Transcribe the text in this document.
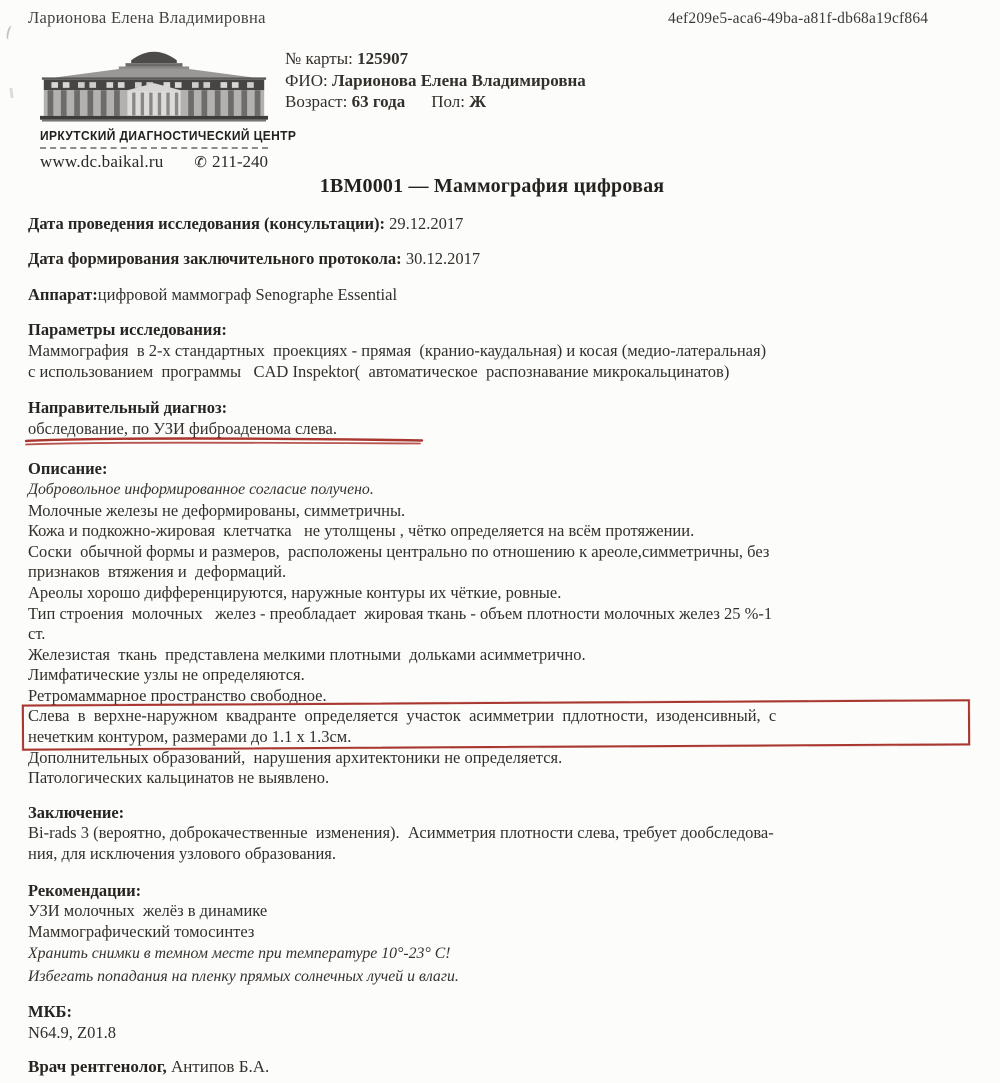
Ларионова Елена Владимировна	4ef209e5-aca6-49ba-a81f-db68a19cf864
ИРКУТСКИЙ ДИАГНОСТИЧЕСКИЙ ЦЕНТР
www.dc.baikal.ru ✆ 211-240
№ карты: 125907
ФИО: Ларионова Елена Владимировна
Возраст: 63 года Пол: Ж
1ВМ0001 — Маммография цифровая
Дата проведения исследования (консультации): 29.12.2017
Дата формирования заключительного протокола: 30.12.2017
Аппарат:цифровой маммограф Senographe Essential
Параметры исследования:
Маммография  в 2-х стандартных  проекциях - прямая  (кранио-каудальная) и косая (медио-латеральная)
с использованием  программы   CAD Inspektor(  автоматическое  распознавание микрокальцинатов)
Направительный диагноз:
обследование, по УЗИ фиброаденома слева.
Описание:
Добровольное информированное согласие получено.
Молочные железы не деформированы, симметричны.
Кожа и подкожно-жировая  клетчатка   не утолщены , чётко определяется на всём протяжении.
Соски  обычной формы и размеров,  расположены центрально по отношению к ареоле,симметричны, без
признаков  втяжения и  деформаций.
Ареолы хорошо дифференцируются, наружные контуры их чёткие, ровные.
Тип строения  молочных   желез - преобладает  жировая ткань - объем плотности молочных желез 25 %-1
ст.
Железистая  ткань  представлена мелкими плотными  дольками асимметрично.
Лимфатические узлы не определяются.
Ретромаммарное пространство свободное.
Слева  в  верхне-наружном  квадранте  определяется  участок  асимметрии  пдлотности,  изоденсивный,  с
нечетким контуром, размерами до 1.1 х 1.3см.
Дополнительных образований,  нарушения архитектоники не определяется.
Патологических кальцинатов не выявлено.
Заключение:
Bi-rads 3 (вероятно, доброкачественные  изменения).  Асимметрия плотности слева, требует дообследова-
ния, для исключения узлового образования.
Рекомендации:
УЗИ молочных  желёз в динамике
Маммографический томосинтез
Хранить снимки в темном месте при температуре 10°-23° С!
Избегать попадания на пленку прямых солнечных лучей и влаги.
МКБ:
N64.9, Z01.8
Врач рентгенолог, Антипов Б.А.
